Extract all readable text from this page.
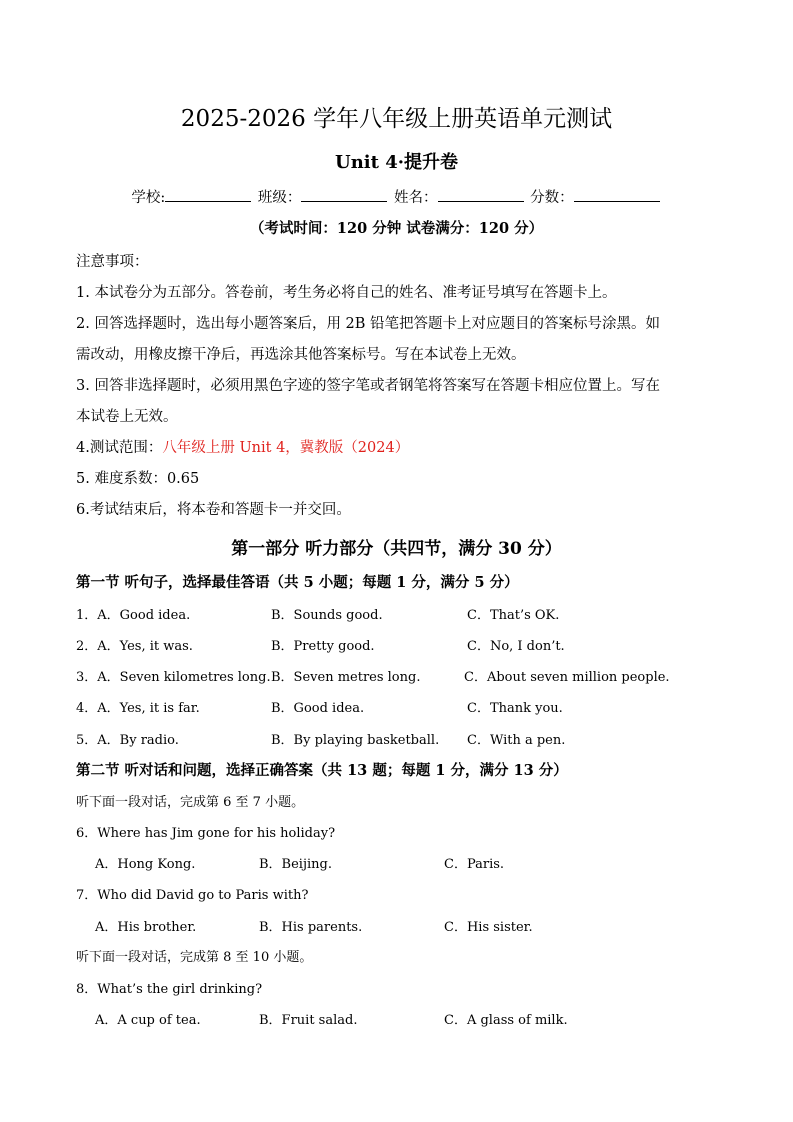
2025-2026 学年八年级上册英语单元测试
Unit 4·提升卷
学校:	班级：	姓名：	分数：
（考试时间：120 分钟 试卷满分：120 分）
注意事项：
1. 本试卷分为五部分。答卷前，考生务必将自己的姓名、准考证号填写在答题卡上。
2. 回答选择题时，选出每小题答案后，用 2B 铅笔把答题卡上对应题目的答案标号涂黑。如
需改动，用橡皮擦干净后，再选涂其他答案标号。写在本试卷上无效。
3. 回答非选择题时，必须用黑色字迹的签字笔或者钢笔将答案写在答题卡相应位置上。写在
本试卷上无效。
4.测试范围：八年级上册 Unit 4，冀教版（2024）
5. 难度系数：0.65
6.考试结束后，将本卷和答题卡一并交回。
第一部分 听力部分（共四节，满分 30 分）
第一节 听句子，选择最佳答语（共 5 小题；每题 1 分，满分 5 分）
1．A．Good idea.	B．Sounds good.	C．That’s OK.
2．A．Yes, it was.	B．Pretty good.	C．No, I don’t.
3．A．Seven kilometres long. B．Seven metres long.	C．About seven million people.
4．A．Yes, it is far.	B．Good idea.	C．Thank you.
5．A．By radio.	B．By playing basketball. C．With a pen.
第二节 听对话和问题，选择正确答案（共 13 题；每题 1 分，满分 13 分）
听下面一段对话，完成第 6 至 7 小题。
6．Where has Jim gone for his holiday?
A．Hong Kong.	B．Beijing.	C．Paris.
7．Who did David go to Paris with?
A．His brother.	B．His parents.	C．His sister.
听下面一段对话，完成第 8 至 10 小题。
8．What’s the girl drinking?
A．A cup of tea.	B．Fruit salad.	C．A glass of milk.
